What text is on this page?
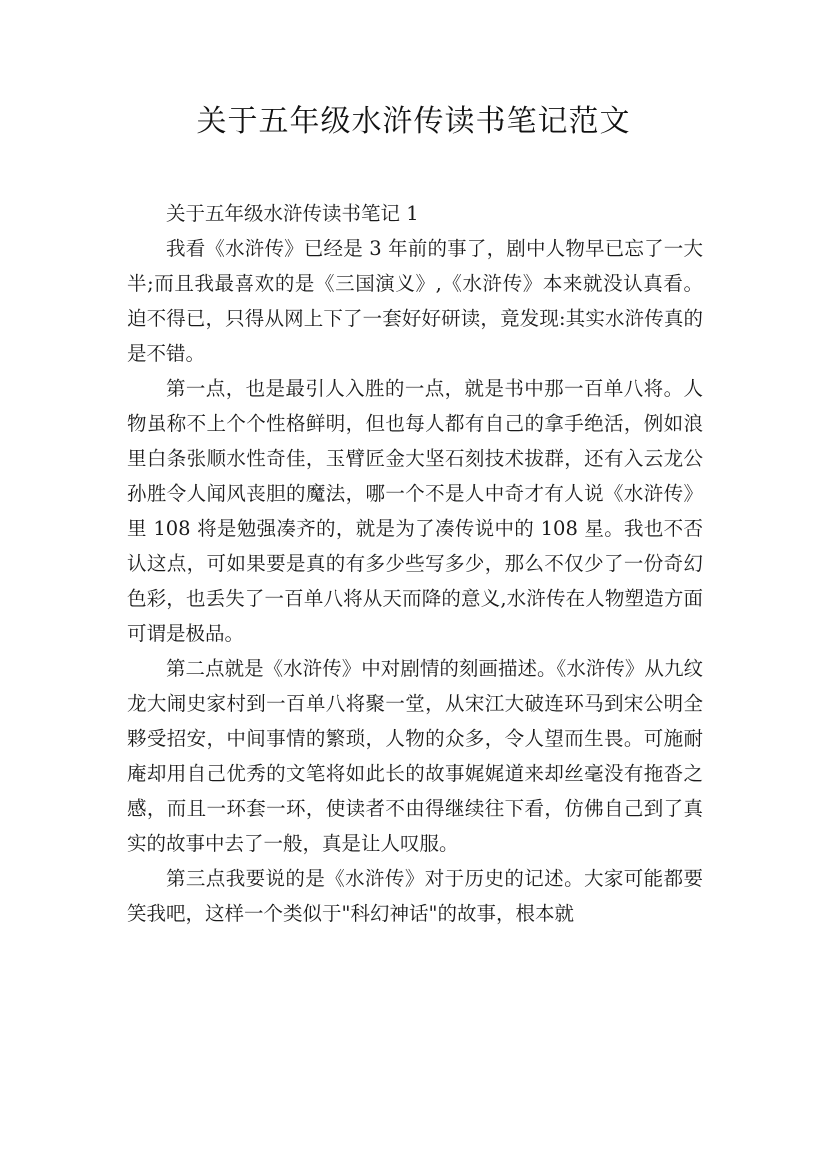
关于五年级水浒传读书笔记范文
关于五年级水浒传读书笔记 1

我看《水浒传》已经是 3 年前的事了，剧中人物早已忘了一大半;而且我最喜欢的是《三国演义》,《水浒传》本来就没认真看。迫不得已，只得从网上下了一套好好研读，竟发现:其实水浒传真的是不错。

第一点，也是最引人入胜的一点，就是书中那一百单八将。人物虽称不上个个性格鲜明，但也每人都有自己的拿手绝活，例如浪里白条张顺水性奇佳，玉臂匠金大坚石刻技术拔群，还有入云龙公孙胜令人闻风丧胆的魔法，哪一个不是人中奇才有人说《水浒传》里 108 将是勉强凑齐的，就是为了凑传说中的 108 星。我也不否认这点，可如果要是真的有多少些写多少，那么不仅少了一份奇幻色彩，也丢失了一百单八将从天而降的意义,水浒传在人物塑造方面可谓是极品。

第二点就是《水浒传》中对剧情的刻画描述。《水浒传》从九纹龙大闹史家村到一百单八将聚一堂，从宋江大破连环马到宋公明全夥受招安，中间事情的繁琐，人物的众多，令人望而生畏。可施耐庵却用自己优秀的文笔将如此长的故事娓娓道来却丝毫没有拖沓之感，而且一环套一环，使读者不由得继续往下看，仿佛自己到了真实的故事中去了一般，真是让人叹服。

第三点我要说的是《水浒传》对于历史的记述。大家可能都要笑我吧，这样一个类似于"科幻神话"的故事，根本就
